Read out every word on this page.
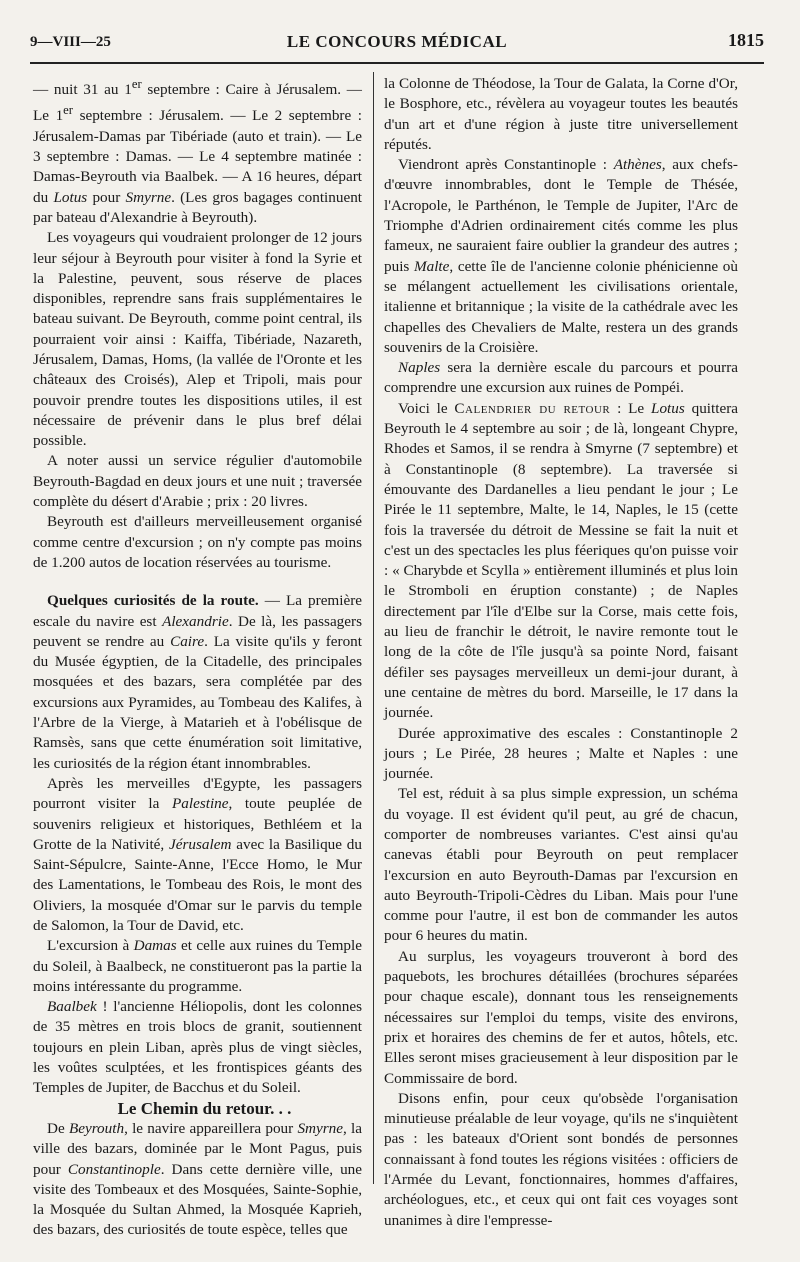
9—VIII—25	LE CONCOURS MÉDICAL	1815

— nuit 31 au 1er septembre : Caire à Jérusalem. — Le 1er septembre : Jérusalem. — Le 2 septembre : Jérusalem-Damas par Tibériade (auto et train). — Le 3 septembre : Damas. — Le 4 septembre matinée : Damas-Beyrouth via Baalbek. — A 16 heures, départ du Lotus pour Smyrne. (Les gros bagages continuent par bateau d'Alexandrie à Beyrouth).

Les voyageurs qui voudraient prolonger de 12 jours leur séjour à Beyrouth pour visiter à fond la Syrie et la Palestine, peuvent, sous réserve de places disponibles, reprendre sans frais supplémentaires le bateau suivant. De Beyrouth, comme point central, ils pourraient voir ainsi : Kaiffa, Tibériade, Nazareth, Jérusalem, Damas, Homs, (la vallée de l'Oronte et les châteaux des Croisés), Alep et Tripoli, mais pour pouvoir prendre toutes les dispositions utiles, il est nécessaire de prévenir dans le plus bref délai possible.

A noter aussi un service régulier d'automobile Beyrouth-Bagdad en deux jours et une nuit ; traversée complète du désert d'Arabie ; prix : 20 livres.

Beyrouth est d'ailleurs merveilleusement organisé comme centre d'excursion ; on n'y compte pas moins de 1.200 autos de location réservées au tourisme.

Quelques curiosités de la route. — La première escale du navire est Alexandrie. De là, les passagers peuvent se rendre au Caire. La visite qu'ils y feront du Musée égyptien, de la Citadelle, des principales mosquées et des bazars, sera complétée par des excursions aux Pyramides, au Tombeau des Kalifes, à l'Arbre de la Vierge, à Matarieh et à l'obélisque de Ramsès, sans que cette énumération soit limitative, les curiosités de la région étant innombrables.

Après les merveilles d'Egypte, les passagers pourront visiter la Palestine, toute peuplée de souvenirs religieux et historiques, Bethléem et la Grotte de la Nativité, Jérusalem avec la Basilique du Saint-Sépulcre, Sainte-Anne, l'Ecce Homo, le Mur des Lamentations, le Tombeau des Rois, le mont des Oliviers, la mosquée d'Omar sur le parvis du temple de Salomon, la Tour de David, etc.

L'excursion à Damas et celle aux ruines du Temple du Soleil, à Baalbeck, ne constitueront pas la partie la moins intéressante du programme.

Baalbek ! l'ancienne Héliopolis, dont les colonnes de 35 mètres en trois blocs de granit, soutiennent toujours en plein Liban, après plus de vingt siècles, les voûtes sculptées, et les frontispices géants des Temples de Jupiter, de Bacchus et du Soleil.

Le Chemin du retour. . .

De Beyrouth, le navire appareillera pour Smyrne, la ville des bazars, dominée par le Mont Pagus, puis pour Constantinople. Dans cette dernière ville, une visite des Tombeaux et des Mosquées, Sainte-Sophie, la Mosquée du Sultan Ahmed, la Mosquée Kaprieh, des bazars, des curiosités de toute espèce, telles que

la Colonne de Théodose, la Tour de Galata, la Corne d'Or, le Bosphore, etc., révèlera au voyageur toutes les beautés d'un art et d'une région à juste titre universellement réputés.

Viendront après Constantinople : Athènes, aux chefs-d'œuvre innombrables, dont le Temple de Thésée, l'Acropole, le Parthénon, le Temple de Jupiter, l'Arc de Triomphe d'Adrien ordinairement cités comme les plus fameux, ne sauraient faire oublier la grandeur des autres ; puis Malte, cette île de l'ancienne colonie phénicienne où se mélangent actuellement les civilisations orientale, italienne et britannique ; la visite de la cathédrale avec les chapelles des Chevaliers de Malte, restera un des grands souvenirs de la Croisière.

Naples sera la dernière escale du parcours et pourra comprendre une excursion aux ruines de Pompéi.

Voici le Calendrier du retour : Le Lotus quittera Beyrouth le 4 septembre au soir ; de là, longeant Chypre, Rhodes et Samos, il se rendra à Smyrne (7 septembre) et à Constantinople (8 septembre). La traversée si émouvante des Dardanelles a lieu pendant le jour ; Le Pirée le 11 septembre, Malte, le 14, Naples, le 15 (cette fois la traversée du détroit de Messine se fait la nuit et c'est un des spectacles les plus féeriques qu'on puisse voir : « Charybde et Scylla » entièrement illuminés et plus loin le Stromboli en éruption constante) ; de Naples directement par l'île d'Elbe sur la Corse, mais cette fois, au lieu de franchir le détroit, le navire remonte tout le long de la côte de l'île jusqu'à sa pointe Nord, faisant défiler ses paysages merveilleux un demi-jour durant, à une centaine de mètres du bord. Marseille, le 17 dans la journée.

Durée approximative des escales : Constantinople 2 jours ; Le Pirée, 28 heures ; Malte et Naples : une journée.

Tel est, réduit à sa plus simple expression, un schéma du voyage. Il est évident qu'il peut, au gré de chacun, comporter de nombreuses variantes. C'est ainsi qu'au canevas établi pour Beyrouth on peut remplacer l'excursion en auto Beyrouth-Damas par l'excursion en auto Beyrouth-Tripoli-Cèdres du Liban. Mais pour l'une comme pour l'autre, il est bon de commander les autos pour 6 heures du matin.

Au surplus, les voyageurs trouveront à bord des paquebots, les brochures détaillées (brochures séparées pour chaque escale), donnant tous les renseignements nécessaires sur l'emploi du temps, visite des environs, prix et horaires des chemins de fer et autos, hôtels, etc. Elles seront mises gracieusement à leur disposition par le Commissaire de bord.

Disons enfin, pour ceux qu'obsède l'organisation minutieuse préalable de leur voyage, qu'ils ne s'inquiètent pas : les bateaux d'Orient sont bondés de personnes connaissant à fond toutes les régions visitées : officiers de l'Armée du Levant, fonctionnaires, hommes d'affaires, archéologues, etc., et ceux qui ont fait ces voyages sont unanimes à dire l'empresse-
